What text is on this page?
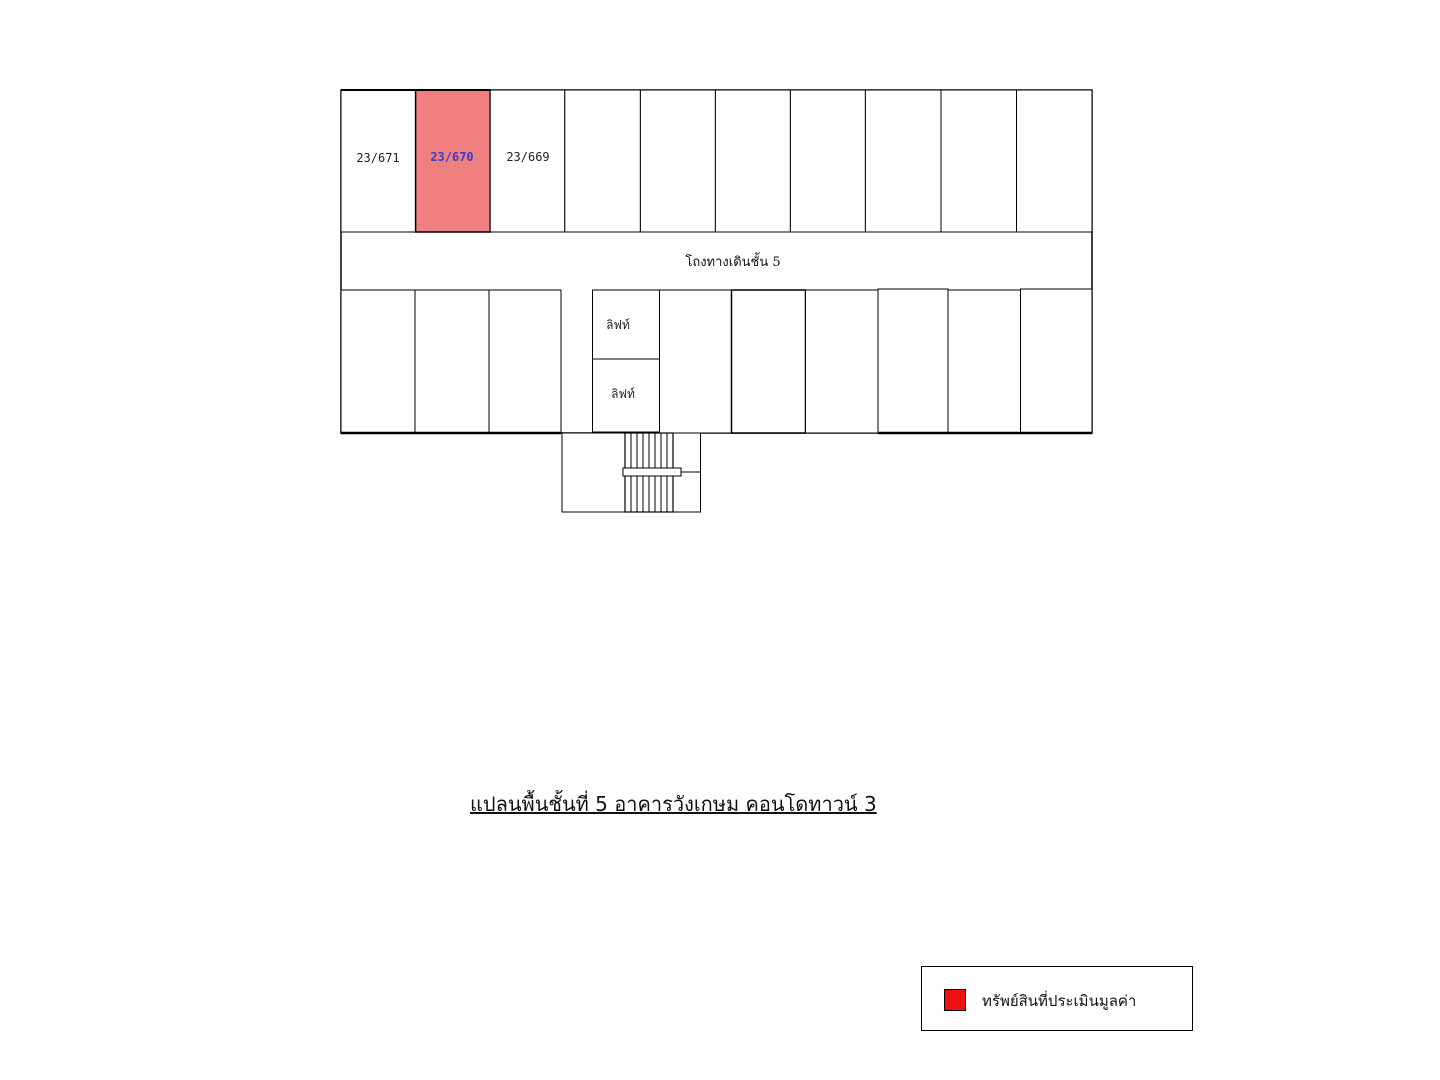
23/671	23/670	23/669
โถงทางเดินชั้น 5
ลิฟท์
ลิฟท์
แปลนพื้นชั้นที่ 5 อาคารวังเกษม คอนโดทาวน์ 3
ทรัพย์สินที่ประเมินมูลค่า
